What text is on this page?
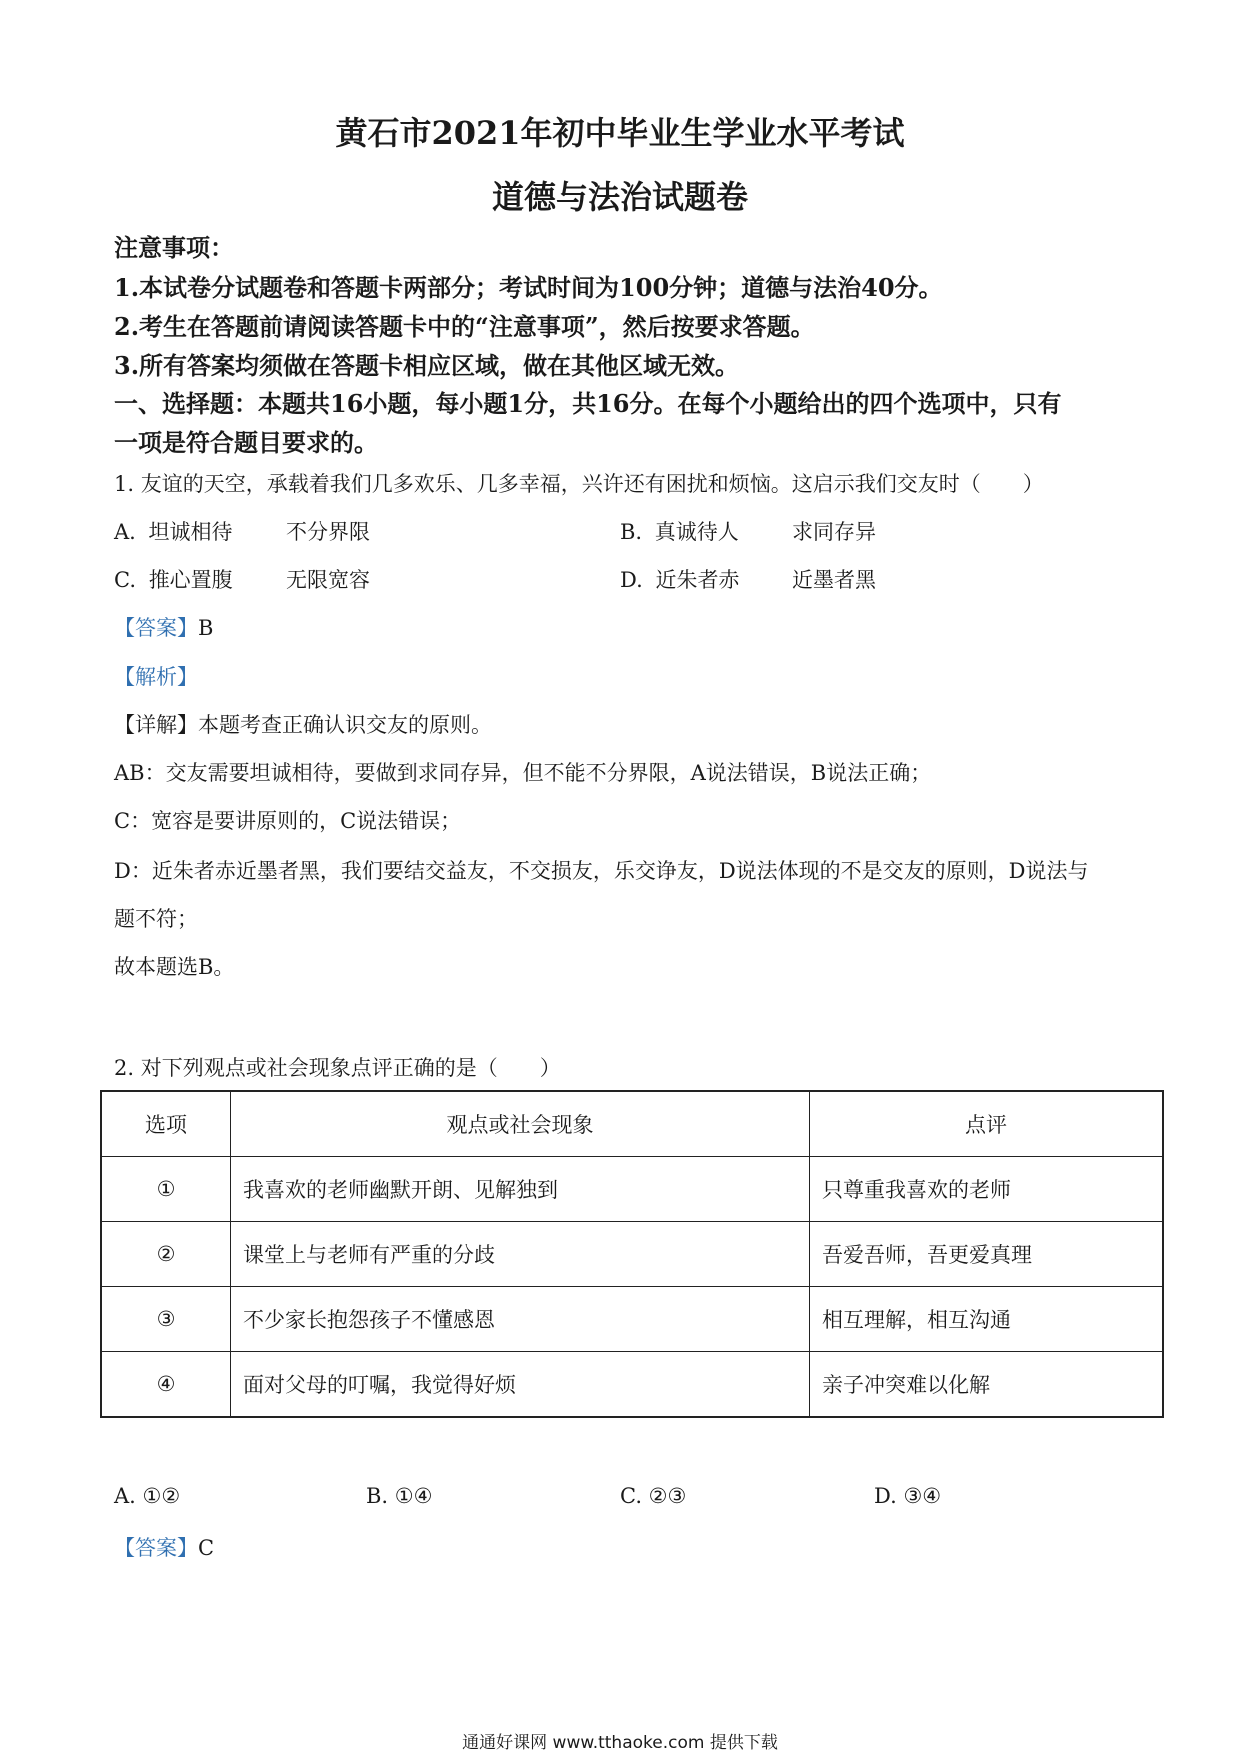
黄石市2021年初中毕业生学业水平考试
道德与法治试题卷
注意事项：
1.本试卷分试题卷和答题卡两部分；考试时间为100分钟；道德与法治40分。
2.考生在答题前请阅读答题卡中的“注意事项”，然后按要求答题。
3.所有答案均须做在答题卡相应区域，做在其他区域无效。
一、选择题：本题共16小题，每小题1分，共16分。在每个小题给出的四个选项中，只有
一项是符合题目要求的。
1. 友谊的天空，承载着我们几多欢乐、几多幸福，兴许还有困扰和烦恼。这启示我们交友时（　　）
A. 坦诚相待	不分界限	B. 真诚待人	求同存异
C. 推心置腹	无限宽容	D. 近朱者赤	近墨者黑
【答案】B
【解析】
【详解】本题考查正确认识交友的原则。
AB：交友需要坦诚相待，要做到求同存异，但不能不分界限，A说法错误，B说法正确；
C：宽容是要讲原则的，C说法错误；
D：近朱者赤近墨者黑，我们要结交益友，不交损友，乐交诤友，D说法体现的不是交友的原则，D说法与
题不符；
故本题选B。
2. 对下列观点或社会现象点评正确的是（　　）
选项	观点或社会现象	点评
①	我喜欢的老师幽默开朗、见解独到	只尊重我喜欢的老师
②	课堂上与老师有严重的分歧	吾爱吾师，吾更爱真理
③	不少家长抱怨孩子不懂感恩	相互理解，相互沟通
④	面对父母的叮嘱，我觉得好烦	亲子冲突难以化解
A. ①②	B. ①④	C. ②③	D. ③④
【答案】C
通通好课网 www.tthaoke.com 提供下载
